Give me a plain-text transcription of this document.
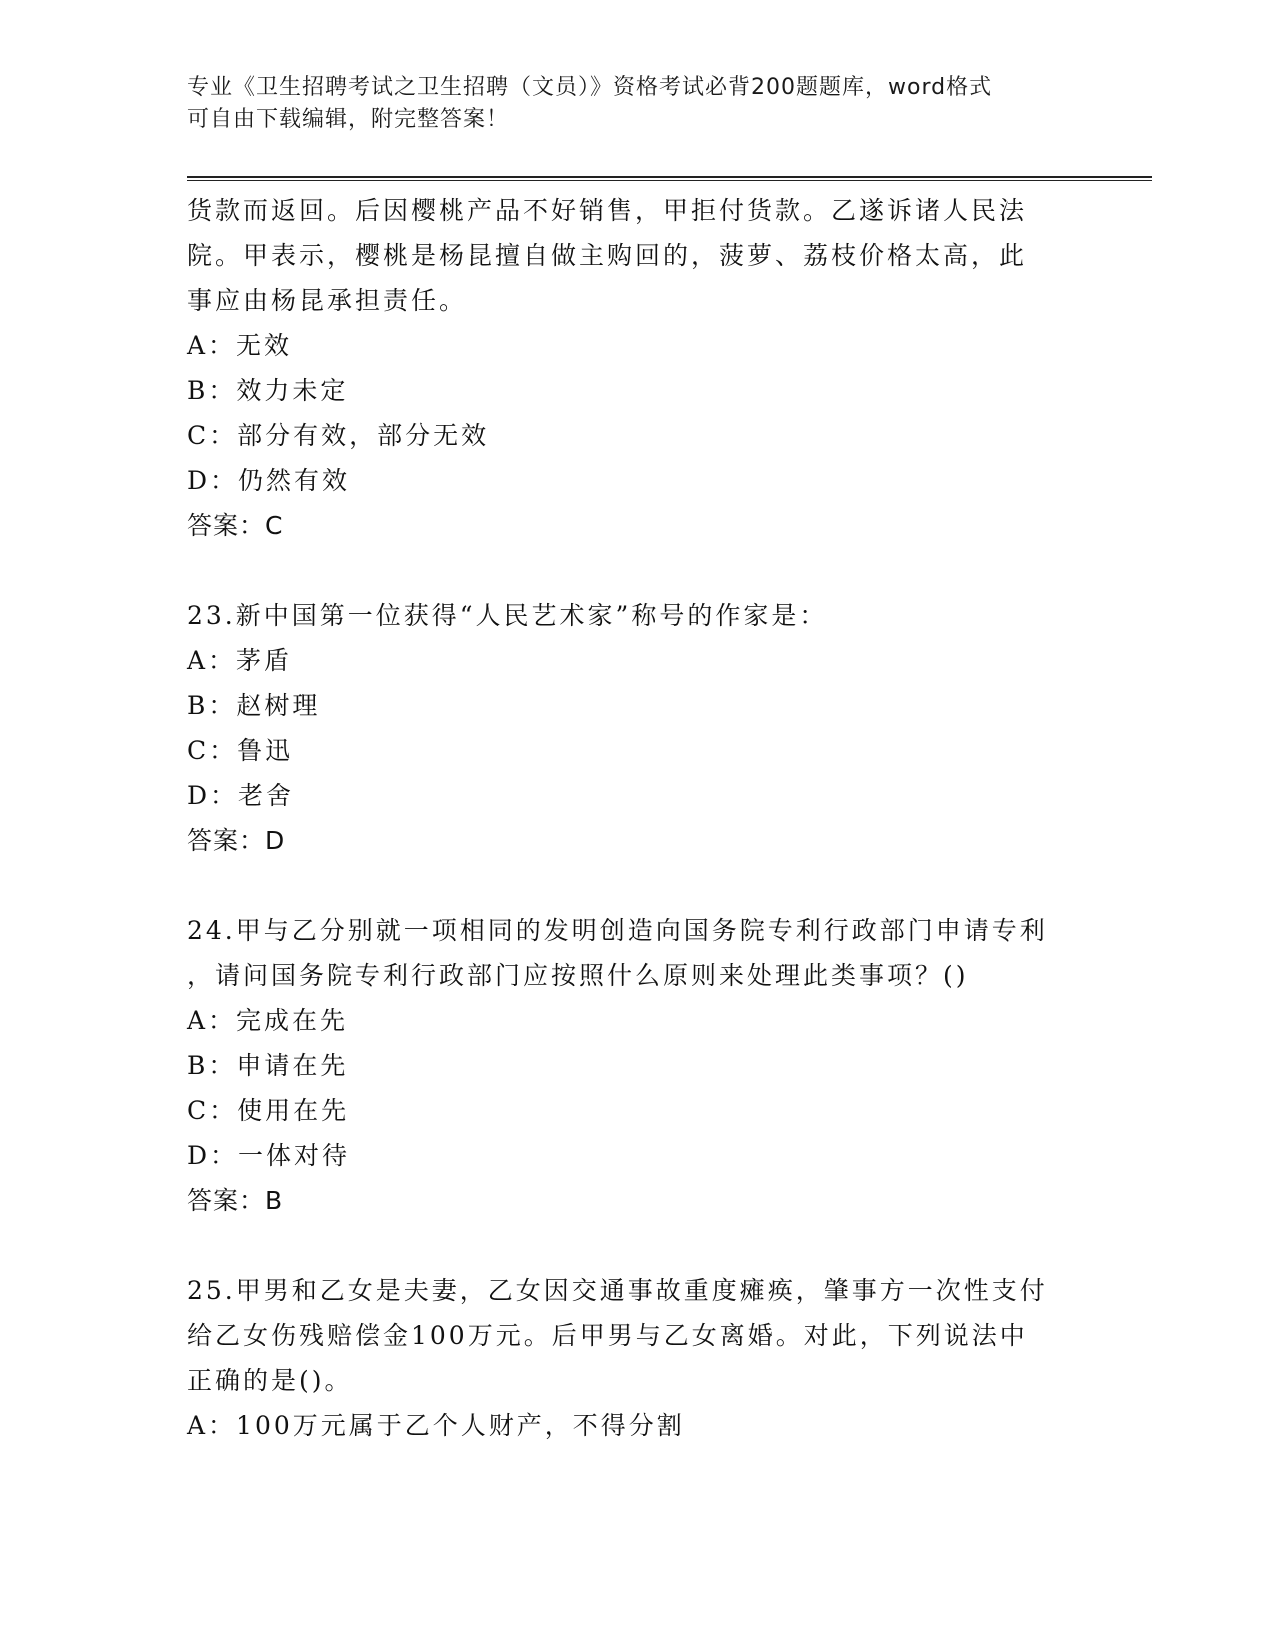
专业《卫生招聘考试之卫生招聘（文员）》资格考试必背200题题库，word格式
可自由下载编辑，附完整答案！

货款而返回。后因樱桃产品不好销售，甲拒付货款。乙遂诉诸人民法

院。甲表示，樱桃是杨昆擅自做主购回的，菠萝、荔枝价格太高，此

事应由杨昆承担责任。

A：无效

B：效力未定

C：部分有效，部分无效

D：仍然有效

答案：C

23.新中国第一位获得“人民艺术家”称号的作家是：

A：茅盾

B：赵树理

C：鲁迅

D：老舍

答案：D

24.甲与乙分别就一项相同的发明创造向国务院专利行政部门申请专利

，请问国务院专利行政部门应按照什么原则来处理此类事项？()

A：完成在先

B：申请在先

C：使用在先

D：一体对待

答案：B

25.甲男和乙女是夫妻，乙女因交通事故重度瘫痪，肇事方一次性支付

给乙女伤残赔偿金100万元。后甲男与乙女离婚。对此，下列说法中

正确的是()。

A：100万元属于乙个人财产，不得分割
